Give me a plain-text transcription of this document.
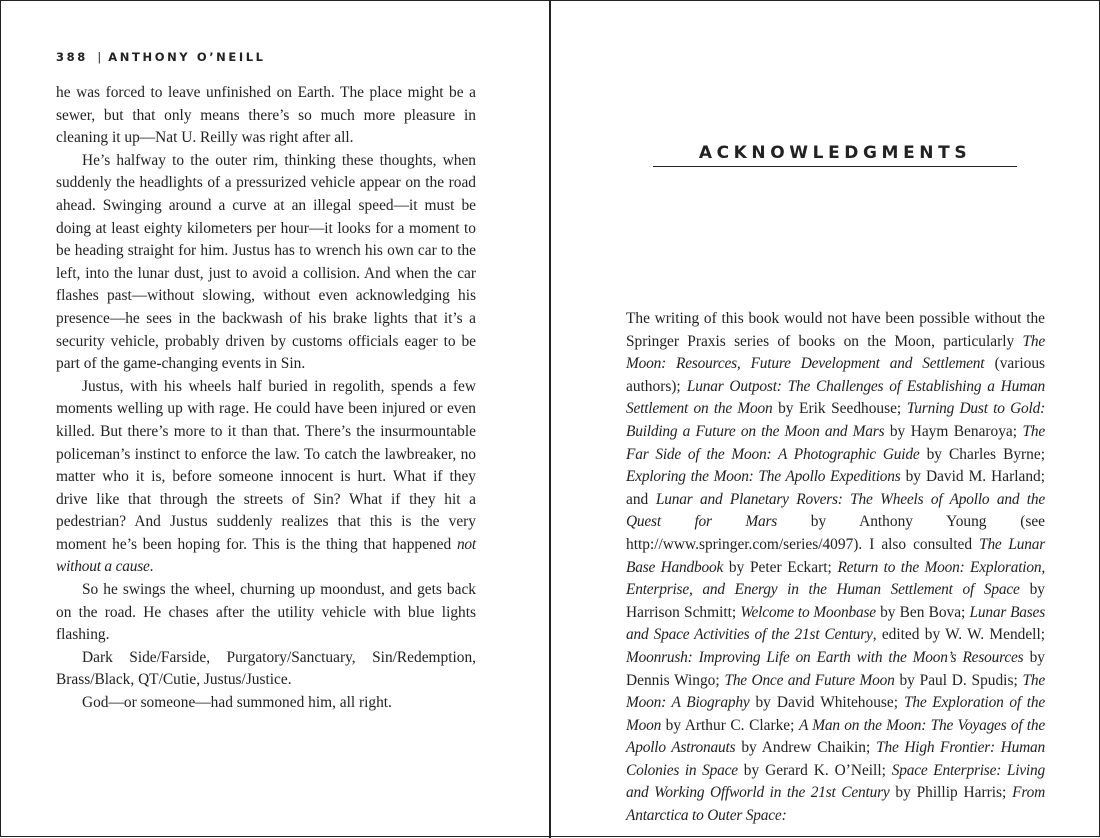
388 | ANTHONY O’NEILL

he was forced to leave unfinished on Earth. The place might be a sewer, but that only means there’s so much more pleasure in cleaning it up—Nat U. Reilly was right after all.

He’s halfway to the outer rim, thinking these thoughts, when suddenly the headlights of a pressurized vehicle appear on the road ahead. Swinging around a curve at an illegal speed—it must be doing at least eighty kilometers per hour—it looks for a moment to be heading straight for him. Justus has to wrench his own car to the left, into the lunar dust, just to avoid a collision. And when the car flashes past—without slowing, without even acknowledging his presence—he sees in the backwash of his brake lights that it’s a security vehicle, probably driven by customs officials eager to be part of the game-changing events in Sin.

Justus, with his wheels half buried in regolith, spends a few moments welling up with rage. He could have been injured or even killed. But there’s more to it than that. There’s the insurmountable policeman’s instinct to enforce the law. To catch the lawbreaker, no matter who it is, before someone innocent is hurt. What if they drive like that through the streets of Sin? What if they hit a pedestrian? And Justus suddenly realizes that this is the very moment he’s been hoping for. This is the thing that happened not without a cause.

So he swings the wheel, churning up moondust, and gets back on the road. He chases after the utility vehicle with blue lights flashing.

Dark Side/Farside, Purgatory/Sanctuary, Sin/Redemption, Brass/Black, QT/Cutie, Justus/Justice.

God—or someone—had summoned him, all right.

ACKNOWLEDGMENTS

The writing of this book would not have been possible without the Springer Praxis series of books on the Moon, particularly The Moon: Resources, Future Development and Settlement (various authors); Lunar Outpost: The Challenges of Establishing a Human Settlement on the Moon by Erik Seedhouse; Turning Dust to Gold: Building a Future on the Moon and Mars by Haym Benaroya; The Far Side of the Moon: A Photographic Guide by Charles Byrne; Exploring the Moon: The Apollo Expeditions by David M. Harland; and Lunar and Planetary Rovers: The Wheels of Apollo and the Quest for Mars by Anthony Young (see http://www.springer.com/series/4097). I also consulted The Lunar Base Handbook by Peter Eckart; Return to the Moon: Exploration, Enterprise, and Energy in the Human Settlement of Space by Harrison Schmitt; Welcome to Moonbase by Ben Bova; Lunar Bases and Space Activities of the 21st Century, edited by W. W. Mendell; Moonrush: Improving Life on Earth with the Moon’s Resources by Dennis Wingo; The Once and Future Moon by Paul D. Spudis; The Moon: A Biography by David Whitehouse; The Exploration of the Moon by Arthur C. Clarke; A Man on the Moon: The Voyages of the Apollo Astronauts by Andrew Chaikin; The High Frontier: Human Colonies in Space by Gerard K. O’Neill; Space Enterprise: Living and Working Offworld in the 21st Century by Phillip Harris; From Antarctica to Outer Space:
